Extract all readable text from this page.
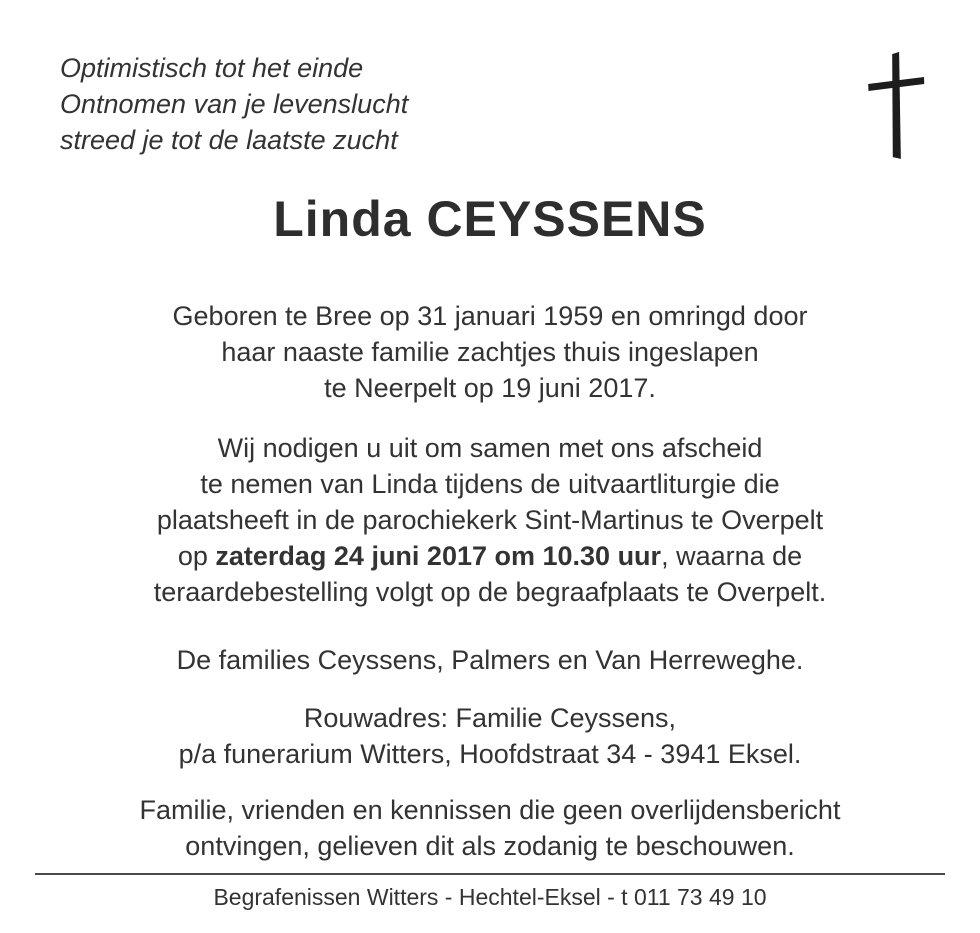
Optimistisch tot het einde
Ontnomen van je levenslucht
streed je tot de laatste zucht
Linda CEYSSENS
Geboren te Bree op 31 januari 1959 en omringd door
haar naaste familie zachtjes thuis ingeslapen
te Neerpelt op 19 juni 2017.
Wij nodigen u uit om samen met ons afscheid
te nemen van Linda tijdens de uitvaartliturgie die
plaatsheeft in de parochiekerk Sint-Martinus te Overpelt
op zaterdag 24 juni 2017 om 10.30 uur, waarna de
teraardebestelling volgt op de begraafplaats te Overpelt.
De families Ceyssens, Palmers en Van Herreweghe.
Rouwadres: Familie Ceyssens,
p/a funerarium Witters, Hoofdstraat 34 - 3941 Eksel.
Familie, vrienden en kennissen die geen overlijdensbericht
ontvingen, gelieven dit als zodanig te beschouwen.
Begrafenissen Witters - Hechtel-Eksel - t 011 73 49 10
